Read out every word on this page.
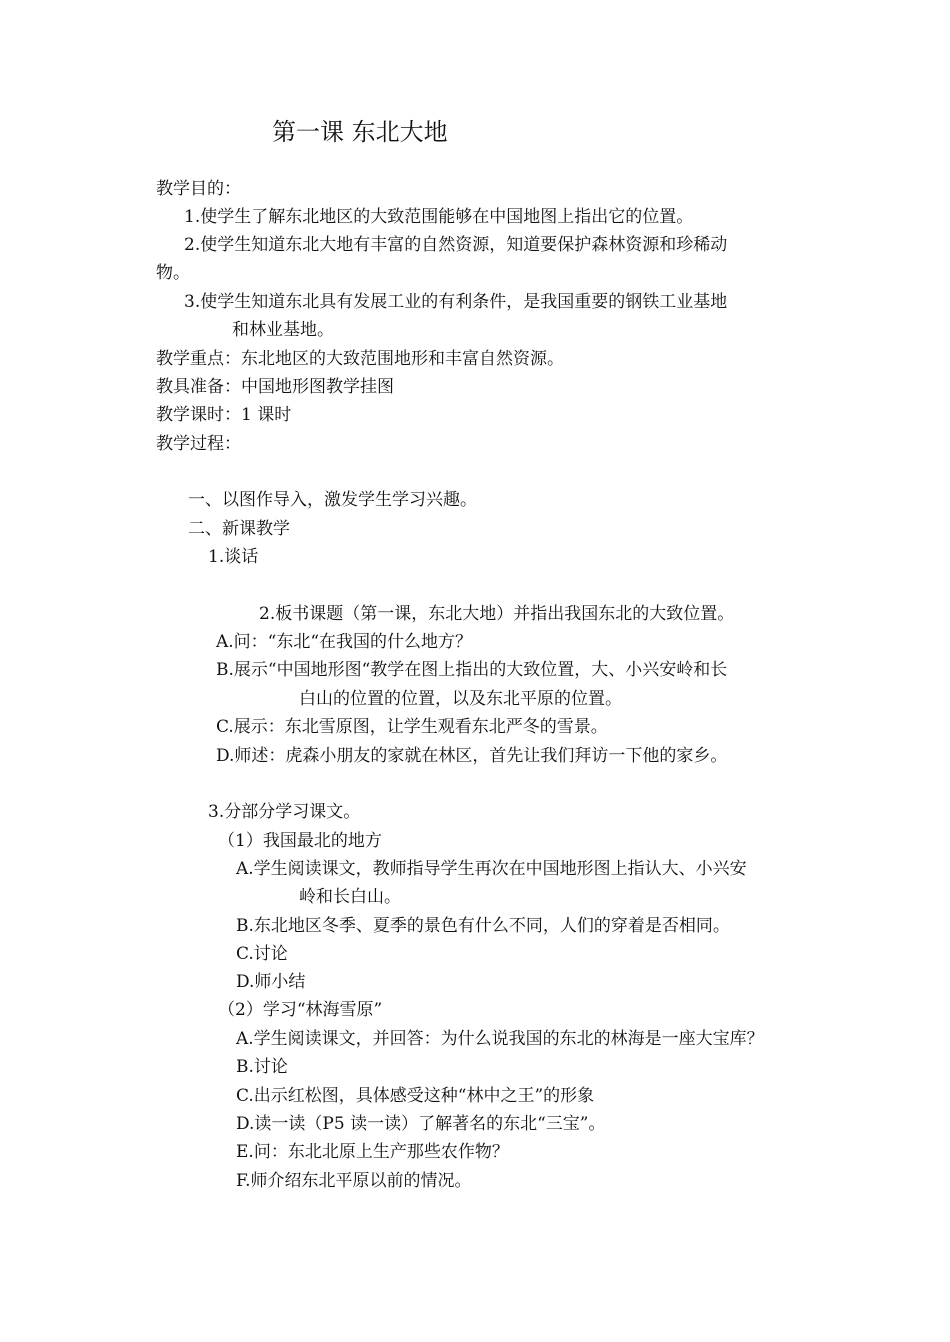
第一课 东北大地
教学目的：
1.使学生了解东北地区的大致范围能够在中国地图上指出它的位置。
2.使学生知道东北大地有丰富的自然资源，知道要保护森林资源和珍稀动
物。
3.使学生知道东北具有发展工业的有利条件，是我国重要的钢铁工业基地
和林业基地。
教学重点：东北地区的大致范围地形和丰富自然资源。
教具准备：中国地形图教学挂图
教学课时：1 课时
教学过程：
一、以图作导入，激发学生学习兴趣。
二、新课教学
1.谈话
2.板书课题（第一课，东北大地）并指出我国东北的大致位置。
A.问：“东北“在我国的什么地方？
B.展示“中国地形图“教学在图上指出的大致位置，大、小兴安岭和长
白山的位置的位置，以及东北平原的位置。
C.展示：东北雪原图，让学生观看东北严冬的雪景。
D.师述：虎森小朋友的家就在林区，首先让我们拜访一下他的家乡。
3.分部分学习课文。
（1）我国最北的地方
A.学生阅读课文，教师指导学生再次在中国地形图上指认大、小兴安
岭和长白山。
B.东北地区冬季、夏季的景色有什么不同，人们的穿着是否相同。
C.讨论
D.师小结
（2）学习“林海雪原”
A.学生阅读课文，并回答：为什么说我国的东北的林海是一座大宝库？
B.讨论
C.出示红松图，具体感受这种“林中之王”的形象
D.读一读（P5 读一读）了解著名的东北“三宝”。
E.问：东北北原上生产那些农作物？
F.师介绍东北平原以前的情况。
